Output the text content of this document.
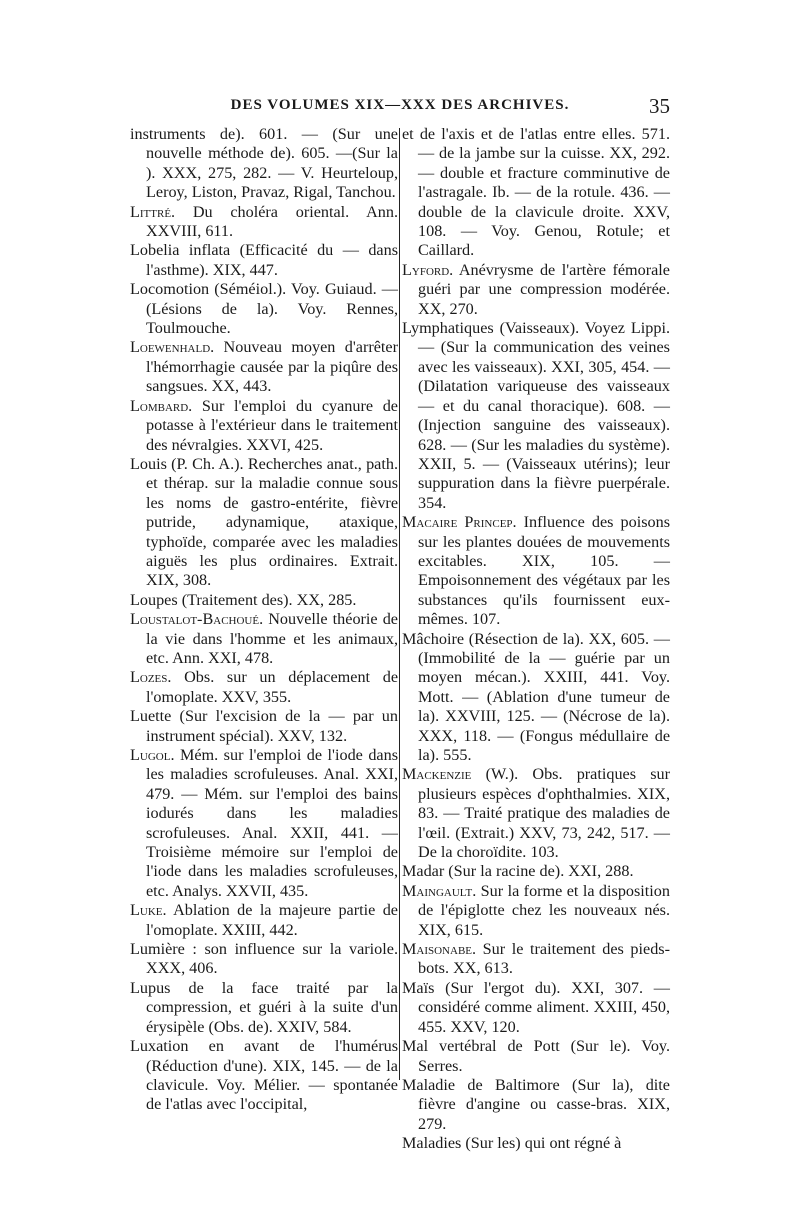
DES VOLUMES XIX—XXX DES ARCHIVES.	35

instruments de). 601. — (Sur une nouvelle méthode de). 605. —(Sur la ). XXX, 275, 282. — V. Heurteloup, Leroy, Liston, Pravaz, Rigal, Tanchou.

Littré. Du choléra oriental. Ann. XXVIII, 611.

Lobelia inflata (Efficacité du — dans l'asthme). XIX, 447.

Locomotion (Séméiol.). Voy. Guiaud. —(Lésions de la). Voy. Rennes, Toulmouche.

Loewenhald. Nouveau moyen d'arrêter l'hémorrhagie causée par la piqûre des sangsues. XX, 443.

Lombard. Sur l'emploi du cyanure de potasse à l'extérieur dans le traitement des névralgies. XXVI, 425.

Louis (P. Ch. A.). Recherches anat., path. et thérap. sur la maladie connue sous les noms de gastro-entérite, fièvre putride, adynamique, ataxique, typhoïde, comparée avec les maladies aiguës les plus ordinaires. Extrait. XIX, 308.

Loupes (Traitement des). XX, 285.

Loustalot-Bachoué. Nouvelle théorie de la vie dans l'homme et les animaux, etc. Ann. XXI, 478.

Lozes. Obs. sur un déplacement de l'omoplate. XXV, 355.

Luette (Sur l'excision de la — par un instrument spécial). XXV, 132.

Lugol. Mém. sur l'emploi de l'iode dans les maladies scrofuleuses. Anal. XXI, 479. — Mém. sur l'emploi des bains iodurés dans les maladies scrofuleuses. Anal. XXII, 441. — Troisième mémoire sur l'emploi de l'iode dans les maladies scrofuleuses, etc. Analys. XXVII, 435.

Luke. Ablation de la majeure partie de l'omoplate. XXIII, 442.

Lumière : son influence sur la variole. XXX, 406.

Lupus de la face traité par la compression, et guéri à la suite d'un érysipèle (Obs. de). XXIV, 584.

Luxation en avant de l'humérus (Réduction d'une). XIX, 145. — de la clavicule. Voy. Mélier. — spontanée de l'atlas avec l'occipital,

et de l'axis et de l'atlas entre elles. 571. — de la jambe sur la cuisse. XX, 292. — double et fracture comminutive de l'astragale. Ib. — de la rotule. 436. — double de la clavicule droite. XXV, 108. — Voy. Genou, Rotule; et Caillard.

Lyford. Anévrysme de l'artère fémorale guéri par une compression modérée. XX, 270.

Lymphatiques (Vaisseaux). Voyez Lippi. — (Sur la communication des veines avec les vaisseaux). XXI, 305, 454. — (Dilatation variqueuse des vaisseaux — et du canal thoracique). 608. — (Injection sanguine des vaisseaux). 628. — (Sur les maladies du système). XXII, 5. — (Vaisseaux utérins); leur suppuration dans la fièvre puerpérale. 354.

Macaire Princep. Influence des poisons sur les plantes douées de mouvements excitables. XIX, 105. — Empoisonnement des végétaux par les substances qu'ils fournissent eux-mêmes. 107.

Mâchoire (Résection de la). XX, 605. — (Immobilité de la — guérie par un moyen mécan.). XXIII, 441. Voy. Mott. — (Ablation d'une tumeur de la). XXVIII, 125. — (Nécrose de la). XXX, 118. — (Fongus médullaire de la). 555.

Mackenzie (W.). Obs. pratiques sur plusieurs espèces d'ophthalmies. XIX, 83. — Traité pratique des maladies de l'œil. (Extrait.) XXV, 73, 242, 517. — De la choroïdite. 103.

Madar (Sur la racine de). XXI, 288.

Maingault. Sur la forme et la disposition de l'épiglotte chez les nouveaux nés. XIX, 615.

Maisonabe. Sur le traitement des pieds-bots. XX, 613.

Maïs (Sur l'ergot du). XXI, 307. — considéré comme aliment. XXIII, 450, 455. XXV, 120.

Mal vertébral de Pott (Sur le). Voy. Serres.

Maladie de Baltimore (Sur la), dite fièvre d'angine ou casse-bras. XIX, 279.

Maladies (Sur les) qui ont régné à
